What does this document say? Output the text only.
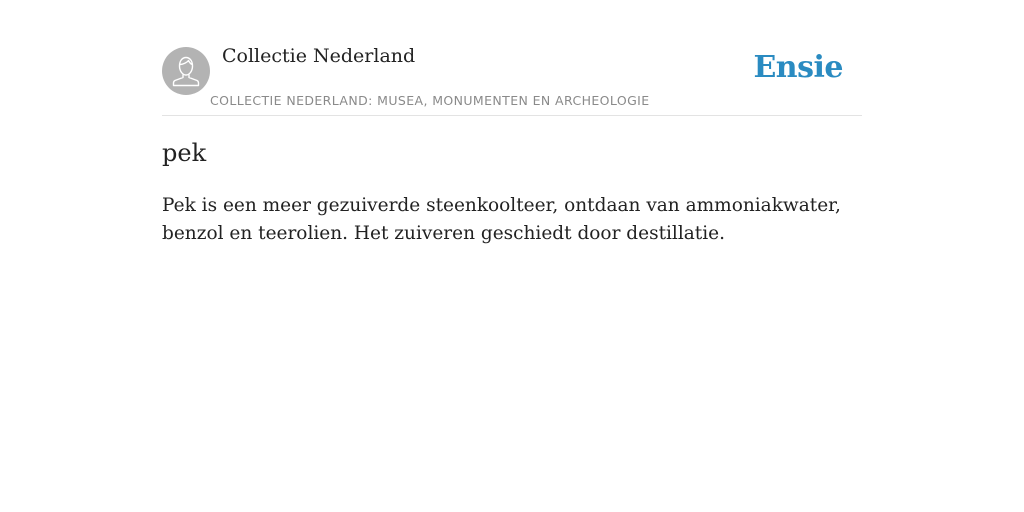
Collectie Nederland
COLLECTIE NEDERLAND: MUSEA, MONUMENTEN EN ARCHEOLOGIE
Ensie
pek

Pek is een meer gezuiverde steenkoolteer, ontdaan van ammoniakwater, benzol en teerolien. Het zuiveren geschiedt door destillatie.
